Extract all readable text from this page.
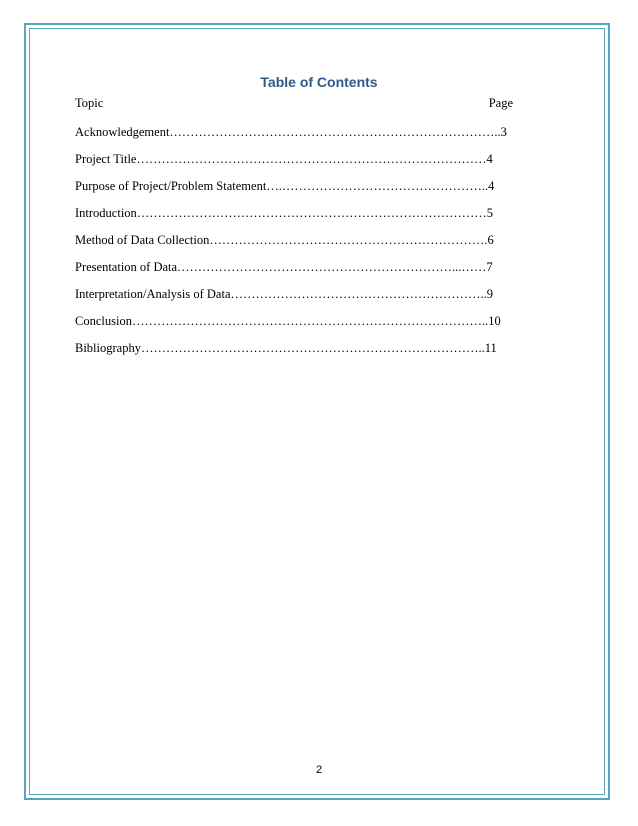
Table of Contents
Topic	Page
Acknowledgement……………………………………………………………………..3
Project Title…………………………………………………………………………4
Purpose of Project/Problem Statement….…………………………………………..4
Introduction…………………………………………………………………………5
Method of Data Collection………………………………………………………….6
Presentation of Data…………………………………………………………...……7
Interpretation/Analysis of Data……………………………………………………..9
Conclusion…………………………………………………………………………..10
Bibliography………………………………………………………………………..11
2
